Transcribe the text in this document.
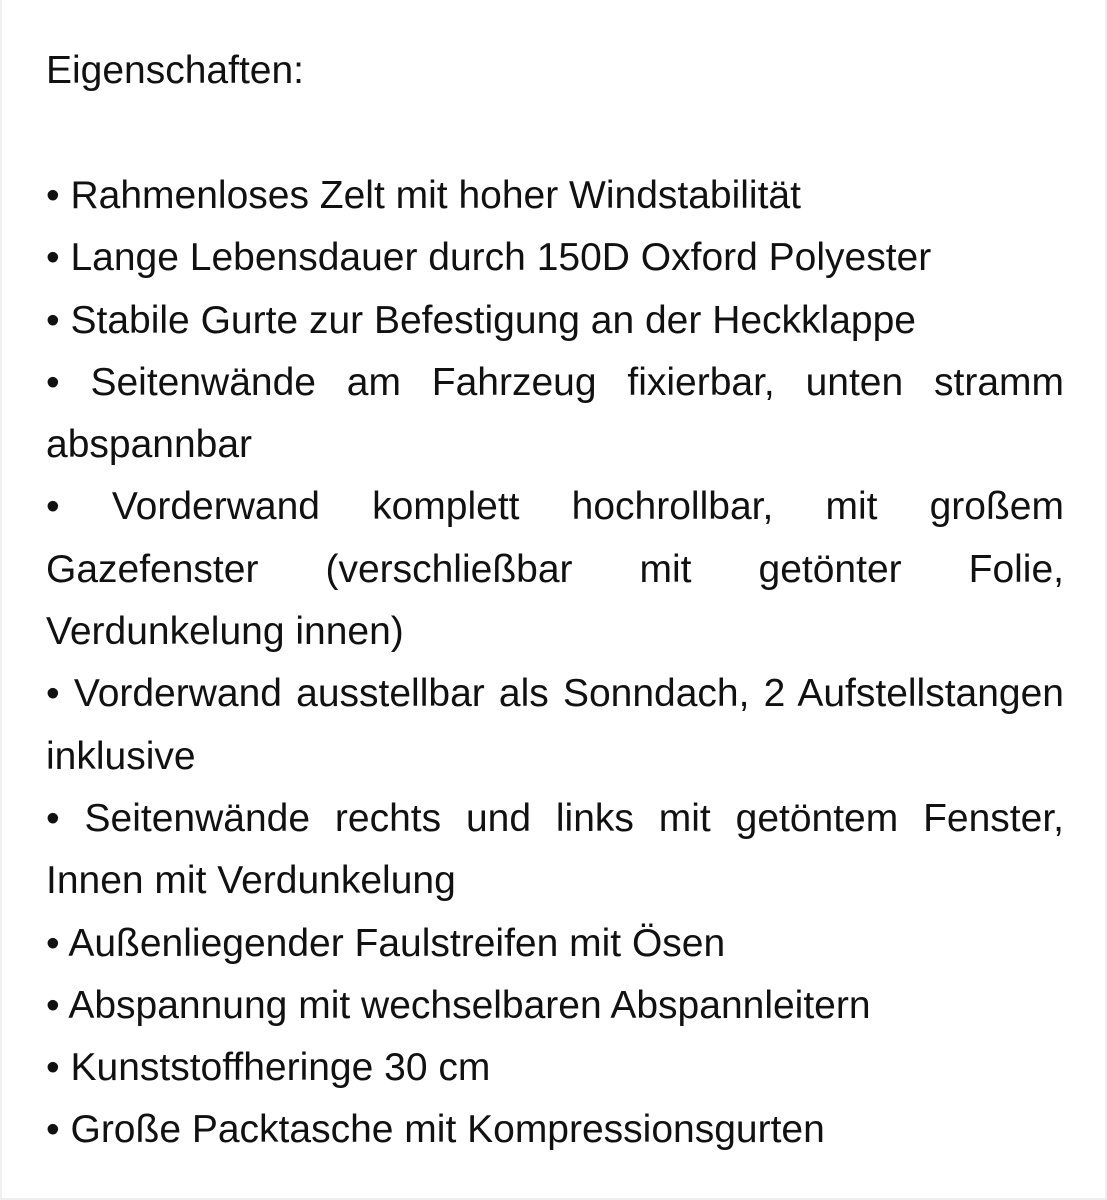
Eigenschaften:

• Rahmenloses Zelt mit hoher Windstabilität
• Lange Lebensdauer durch 150D Oxford Polyester
• Stabile Gurte zur Befestigung an der Heckklappe
• Seitenwände am Fahrzeug fixierbar, unten stramm abspannbar
• Vorderwand komplett hochrollbar, mit großem Gazefenster (verschließbar mit getönter Folie, Verdunkelung innen)
• Vorderwand ausstellbar als Sonndach, 2 Aufstellstangen inklusive
• Seitenwände rechts und links mit getöntem Fenster, Innen mit Verdunkelung
• Außenliegender Faulstreifen mit Ösen
• Abspannung mit wechselbaren Abspannleitern
• Kunststoffheringe 30 cm
• Große Packtasche mit Kompressionsgurten
